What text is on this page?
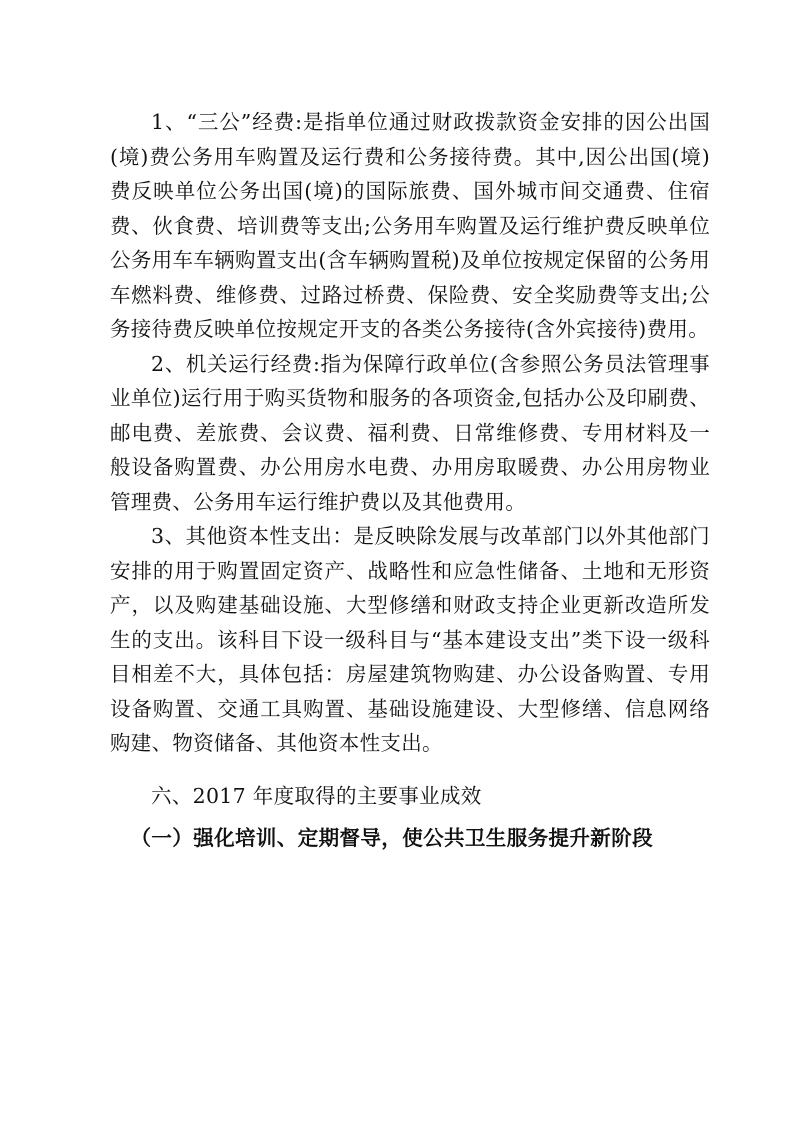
1、“三公”经费:是指单位通过财政拨款资金安排的因公出国(境)费公务用车购置及运行费和公务接待费。其中,因公出国(境)费反映单位公务出国(境)的国际旅费、国外城市间交通费、住宿费、伙食费、培训费等支出;公务用车购置及运行维护费反映单位公务用车车辆购置支出(含车辆购置税)及单位按规定保留的公务用车燃料费、维修费、过路过桥费、保险费、安全奖励费等支出;公务接待费反映单位按规定开支的各类公务接待(含外宾接待)费用。

2、机关运行经费:指为保障行政单位(含参照公务员法管理事业单位)运行用于购买货物和服务的各项资金,包括办公及印刷费、邮电费、差旅费、会议费、福利费、日常维修费、专用材料及一般设备购置费、办公用房水电费、办用房取暖费、办公用房物业管理费、公务用车运行维护费以及其他费用。

3、其他资本性支出：是反映除发展与改革部门以外其他部门安排的用于购置固定资产、战略性和应急性储备、土地和无形资产，以及购建基础设施、大型修缮和财政支持企业更新改造所发生的支出。该科目下设一级科目与“基本建设支出”类下设一级科目相差不大，具体包括：房屋建筑物购建、办公设备购置、专用设备购置、交通工具购置、基础设施建设、大型修缮、信息网络购建、物资储备、其他资本性支出。

六、2017 年度取得的主要事业成效

（一）强化培训、定期督导，使公共卫生服务提升新阶段
